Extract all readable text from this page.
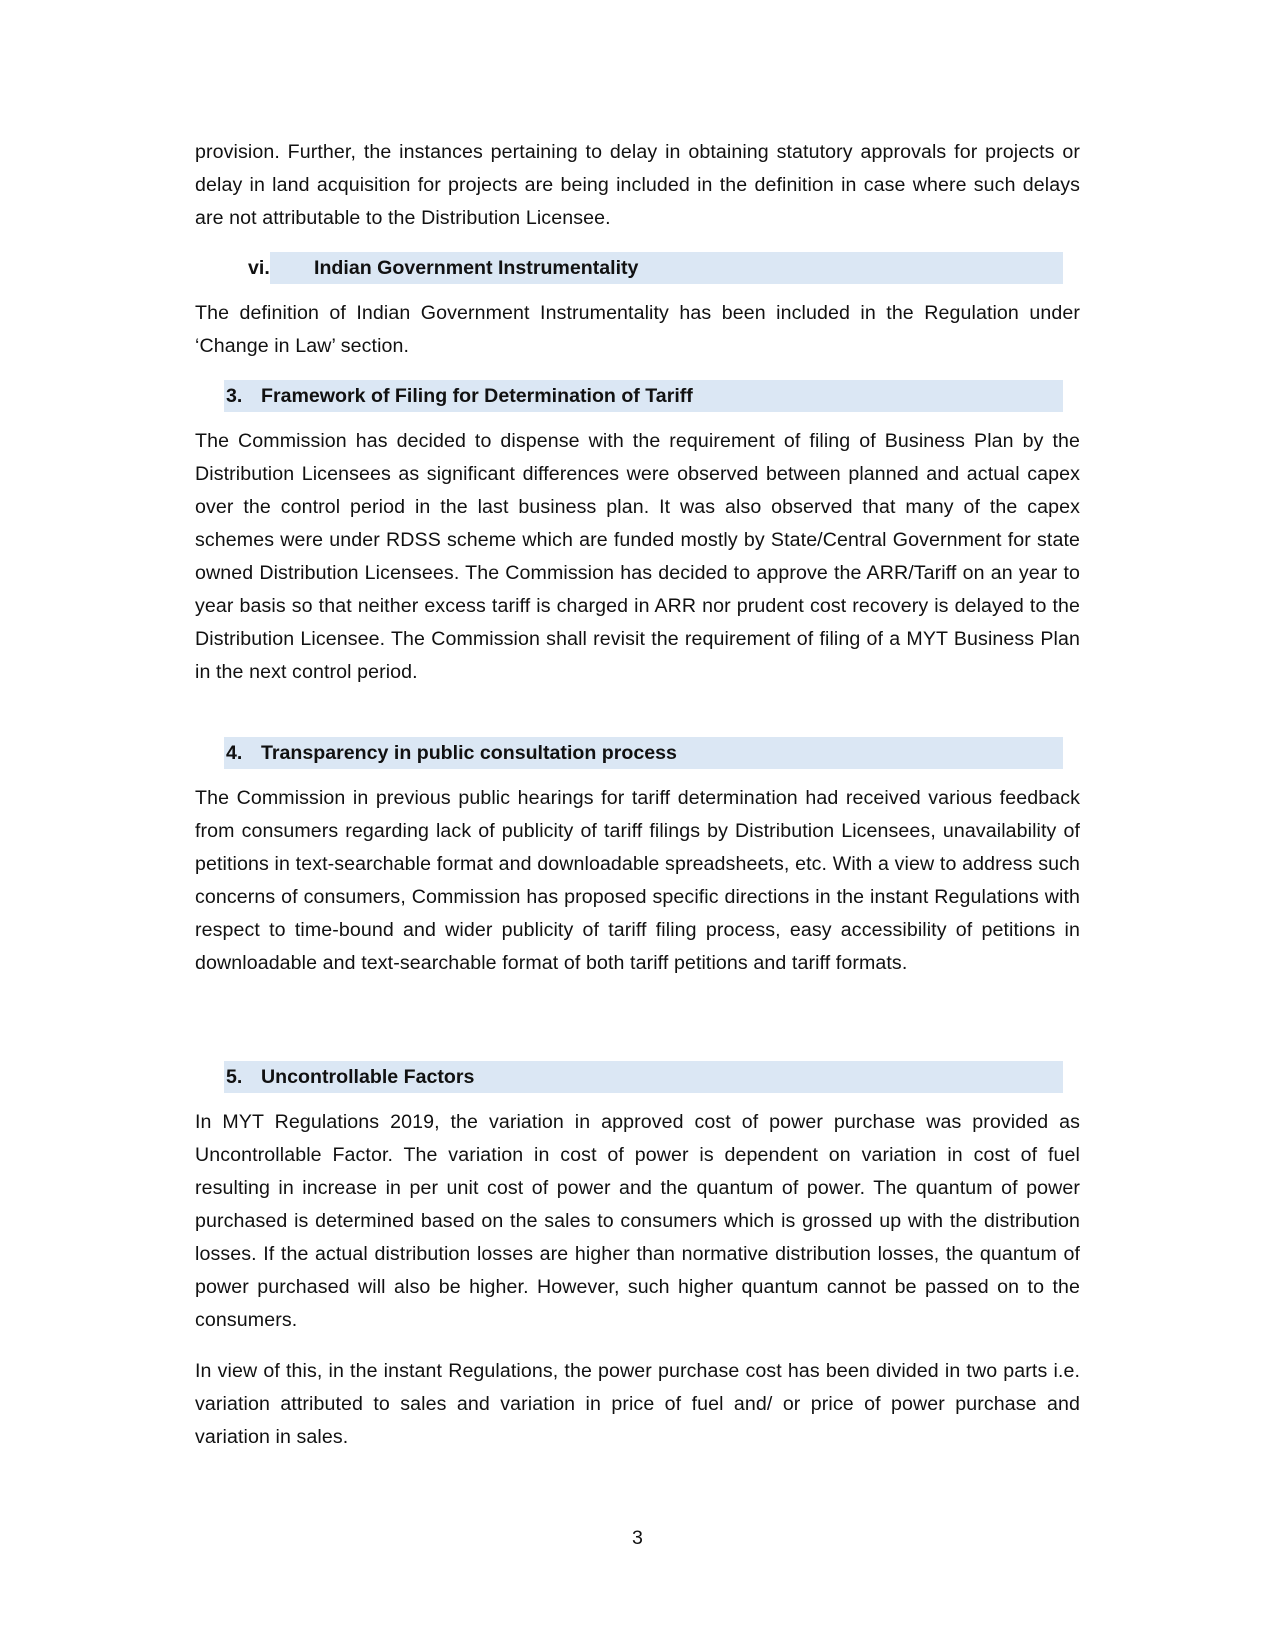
provision. Further, the instances pertaining to delay in obtaining statutory approvals for projects or delay in land acquisition for projects are being included in the definition in case where such delays are not attributable to the Distribution Licensee.

vi. Indian Government Instrumentality

The definition of Indian Government Instrumentality has been included in the Regulation under ‘Change in Law’ section.

3. Framework of Filing for Determination of Tariff

The Commission has decided to dispense with the requirement of filing of Business Plan by the Distribution Licensees as significant differences were observed between planned and actual capex over the control period in the last business plan. It was also observed that many of the capex schemes were under RDSS scheme which are funded mostly by State/Central Government for state owned Distribution Licensees. The Commission has decided to approve the ARR/Tariff on an year to year basis so that neither excess tariff is charged in ARR nor prudent cost recovery is delayed to the Distribution Licensee. The Commission shall revisit the requirement of filing of a MYT Business Plan in the next control period.

4. Transparency in public consultation process

The Commission in previous public hearings for tariff determination had received various feedback from consumers regarding lack of publicity of tariff filings by Distribution Licensees, unavailability of petitions in text-searchable format and downloadable spreadsheets, etc. With a view to address such concerns of consumers, Commission has proposed specific directions in the instant Regulations with respect to time-bound and wider publicity of tariff filing process, easy accessibility of petitions in downloadable and text-searchable format of both tariff petitions and tariff formats.

5. Uncontrollable Factors

In MYT Regulations 2019, the variation in approved cost of power purchase was provided as Uncontrollable Factor. The variation in cost of power is dependent on variation in cost of fuel resulting in increase in per unit cost of power and the quantum of power. The quantum of power purchased is determined based on the sales to consumers which is grossed up with the distribution losses. If the actual distribution losses are higher than normative distribution losses, the quantum of power purchased will also be higher. However, such higher quantum cannot be passed on to the consumers.

In view of this, in the instant Regulations, the power purchase cost has been divided in two parts i.e. variation attributed to sales and variation in price of fuel and/ or price of power purchase and variation in sales.

3
